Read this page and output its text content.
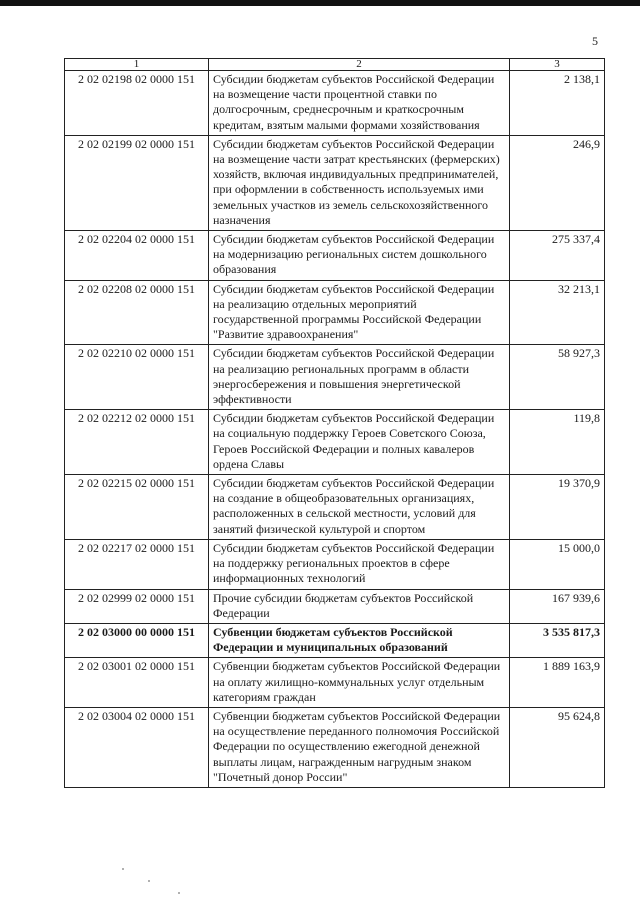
5
1	2	3
2 02 02198 02 0000 151	Субсидии бюджетам субъектов Российской Федерации на возмещение части процентной ставки по долгосрочным, среднесрочным и краткосрочным кредитам, взятым малыми формами хозяйствования	2 138,1
2 02 02199 02 0000 151	Субсидии бюджетам субъектов Российской Федерации на возмещение части затрат крестьянских (фермерских) хозяйств, включая индивидуальных предпринимателей, при оформлении в собственность используемых ими земельных участков из земель сельскохозяйственного назначения	246,9
2 02 02204 02 0000 151	Субсидии бюджетам субъектов Российской Федерации на модернизацию региональных систем дошкольного образования	275 337,4
2 02 02208 02 0000 151	Субсидии бюджетам субъектов Российской Федерации на реализацию отдельных мероприятий государственной программы Российской Федерации "Развитие здравоохранения"	32 213,1
2 02 02210 02 0000 151	Субсидии бюджетам субъектов Российской Федерации на реализацию региональных программ в области энергосбережения и повышения энергетической эффективности	58 927,3
2 02 02212 02 0000 151	Субсидии бюджетам субъектов Российской Федерации на социальную поддержку Героев Советского Союза, Героев Российской Федерации и полных кавалеров ордена Славы	119,8
2 02 02215 02 0000 151	Субсидии бюджетам субъектов Российской Федерации на создание в общеобразовательных организациях, расположенных в сельской местности, условий для занятий физической культурой и спортом	19 370,9
2 02 02217 02 0000 151	Субсидии бюджетам субъектов Российской Федерации на поддержку региональных проектов в сфере информационных технологий	15 000,0
2 02 02999 02 0000 151	Прочие субсидии бюджетам субъектов Российской Федерации	167 939,6
2 02 03000 00 0000 151	Субвенции бюджетам субъектов Российской Федерации и муниципальных образований	3 535 817,3
2 02 03001 02 0000 151	Субвенции бюджетам субъектов Российской Федерации на оплату жилищно-коммунальных услуг отдельным категориям граждан	1 889 163,9
2 02 03004 02 0000 151	Субвенции бюджетам субъектов Российской Федерации на осуществление переданного полномочия Российской Федерации по осуществлению ежегодной денежной выплаты лицам, награжденным нагрудным знаком "Почетный донор России"	95 624,8
